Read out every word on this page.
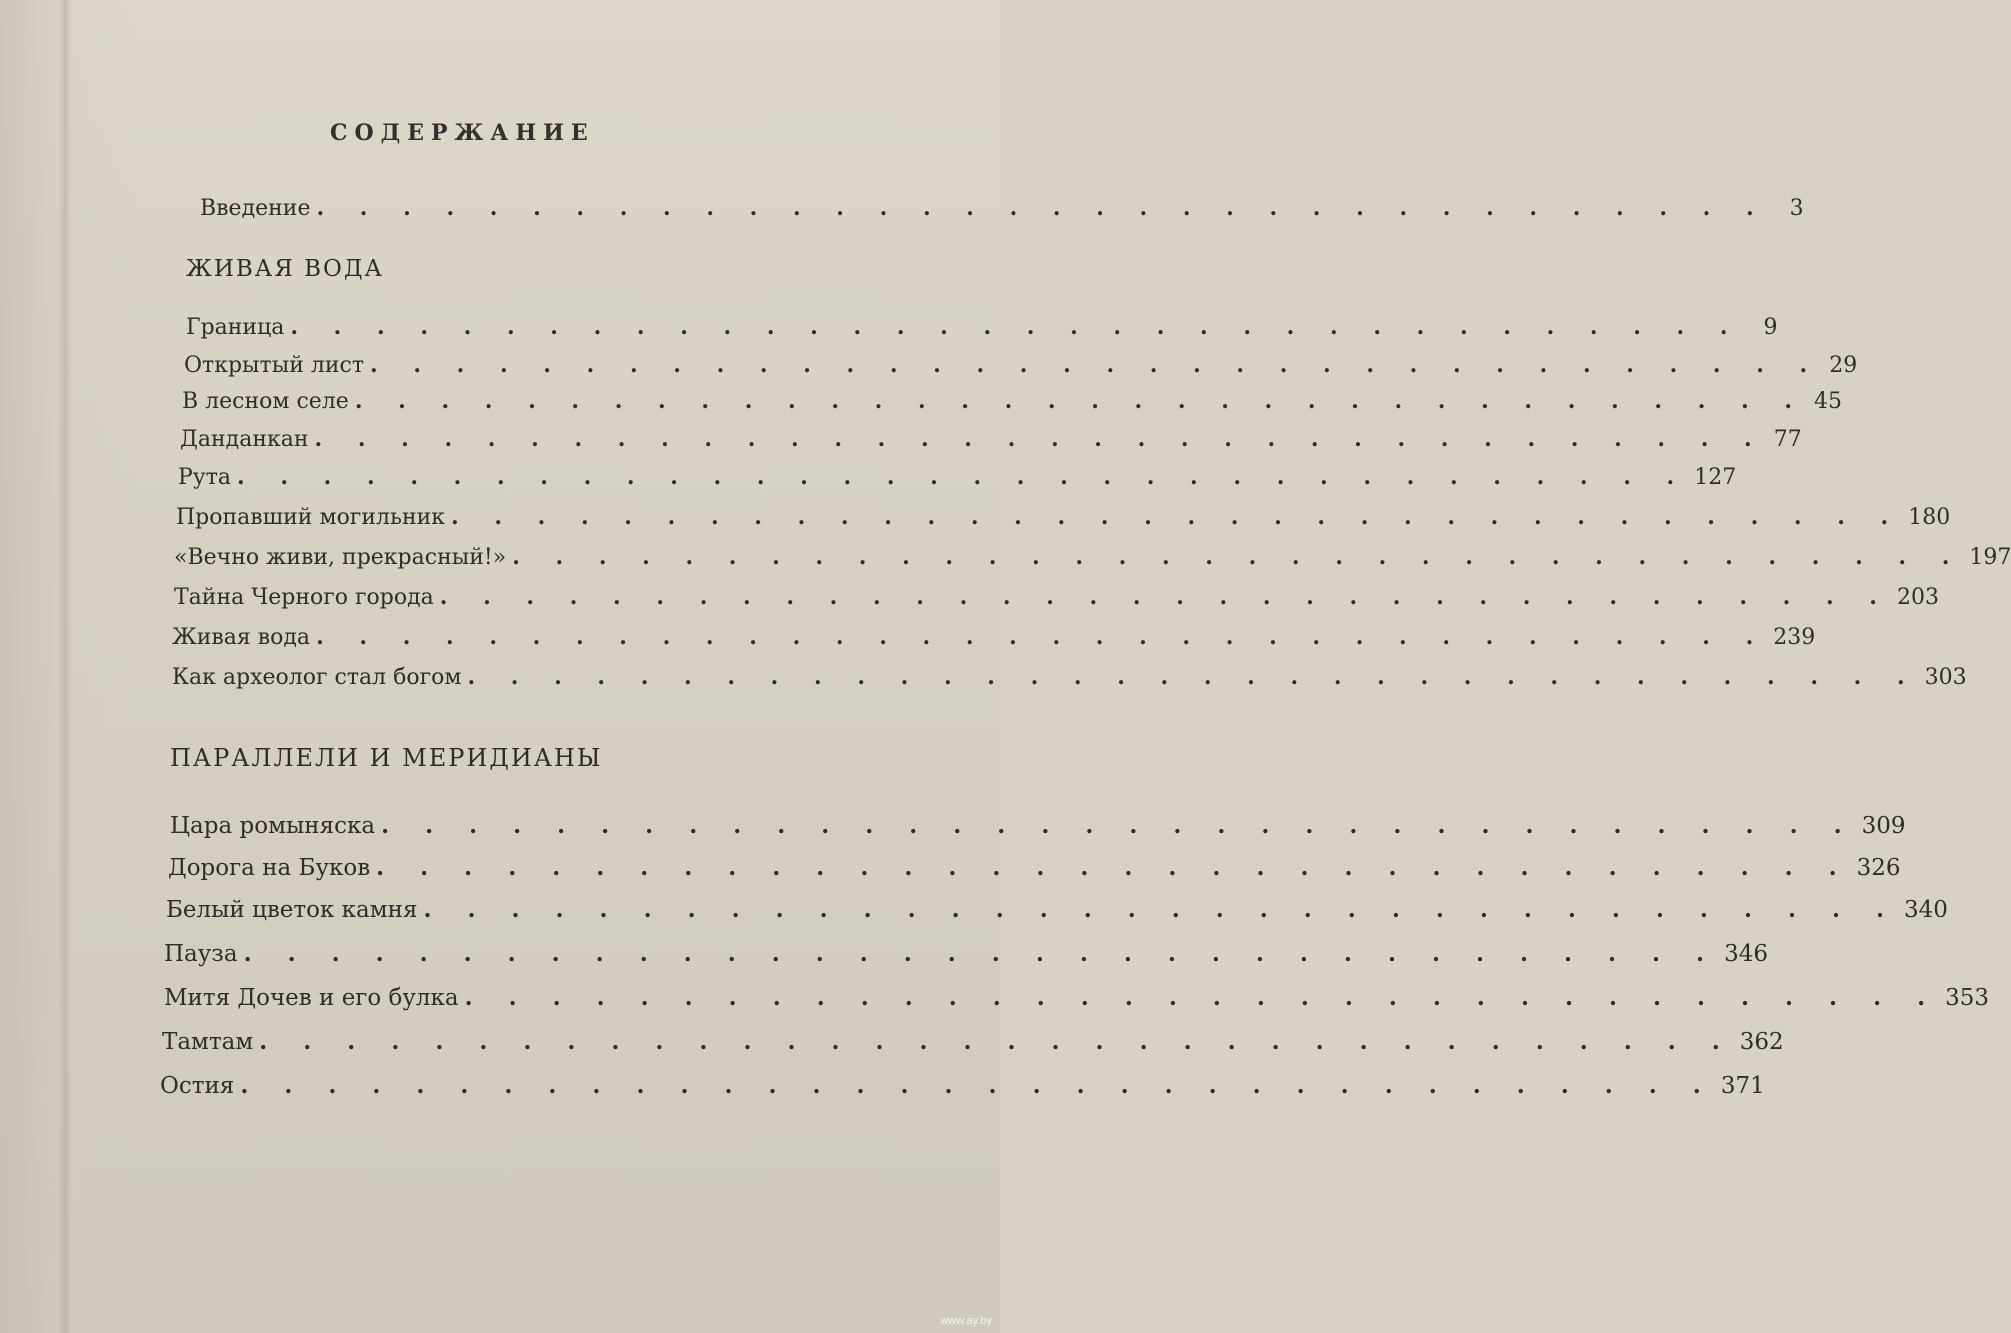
СОДЕРЖАНИЕ
Введение . . . . . . . . . . . . . . . . . . . . . . . . . . . . . . . . . .	3
ЖИВАЯ ВОДА
Граница . . . . . . . . . . . . . . . . . . . . . . . . . . . . . . . . . .	9
Открытый лист . . . . . . . . . . . . . . . . . . . . . . . . . . . . . . . . . . 29
В лесном селе . . . . . . . . . . . . . . . . . . . . . . . . . . . . . . . . . . 45
Данданкан . . . . . . . . . . . . . . . . . . . . . . . . . . . . . . . . . . 77
Рута . . . . . . . . . . . . . . . . . . . . . . . . . . . . . . . . . . 127
Пропавший могильник . . . . . . . . . . . . . . . . . . . . . . . . . . . . . . . . . . 180
«Вечно живи, прекрасный!» . . . . . . . . . . . . . . . . . . . . . . . . . . . . . . . . . . 197
Тайна Черного города . . . . . . . . . . . . . . . . . . . . . . . . . . . . . . . . . . 203
Живая вода . . . . . . . . . . . . . . . . . . . . . . . . . . . . . . . . . . 239
Как археолог стал богом . . . . . . . . . . . . . . . . . . . . . . . . . . . . . . . . . . 303
ПАРАЛЛЕЛИ И МЕРИДИАНЫ
Цара ромыняска . . . . . . . . . . . . . . . . . . . . . . . . . . . . . . . . . . 309
Дорога на Буков . . . . . . . . . . . . . . . . . . . . . . . . . . . . . . . . . . 326
Белый цветок камня . . . . . . . . . . . . . . . . . . . . . . . . . . . . . . . . . . 340
Пауза . . . . . . . . . . . . . . . . . . . . . . . . . . . . . . . . . . 346
Митя Дочев и его булка . . . . . . . . . . . . . . . . . . . . . . . . . . . . . . . . . . 353
Тамтам . . . . . . . . . . . . . . . . . . . . . . . . . . . . . . . . . . 362
Остия . . . . . . . . . . . . . . . . . . . . . . . . . . . . . . . . . . 371
www.ay.by
